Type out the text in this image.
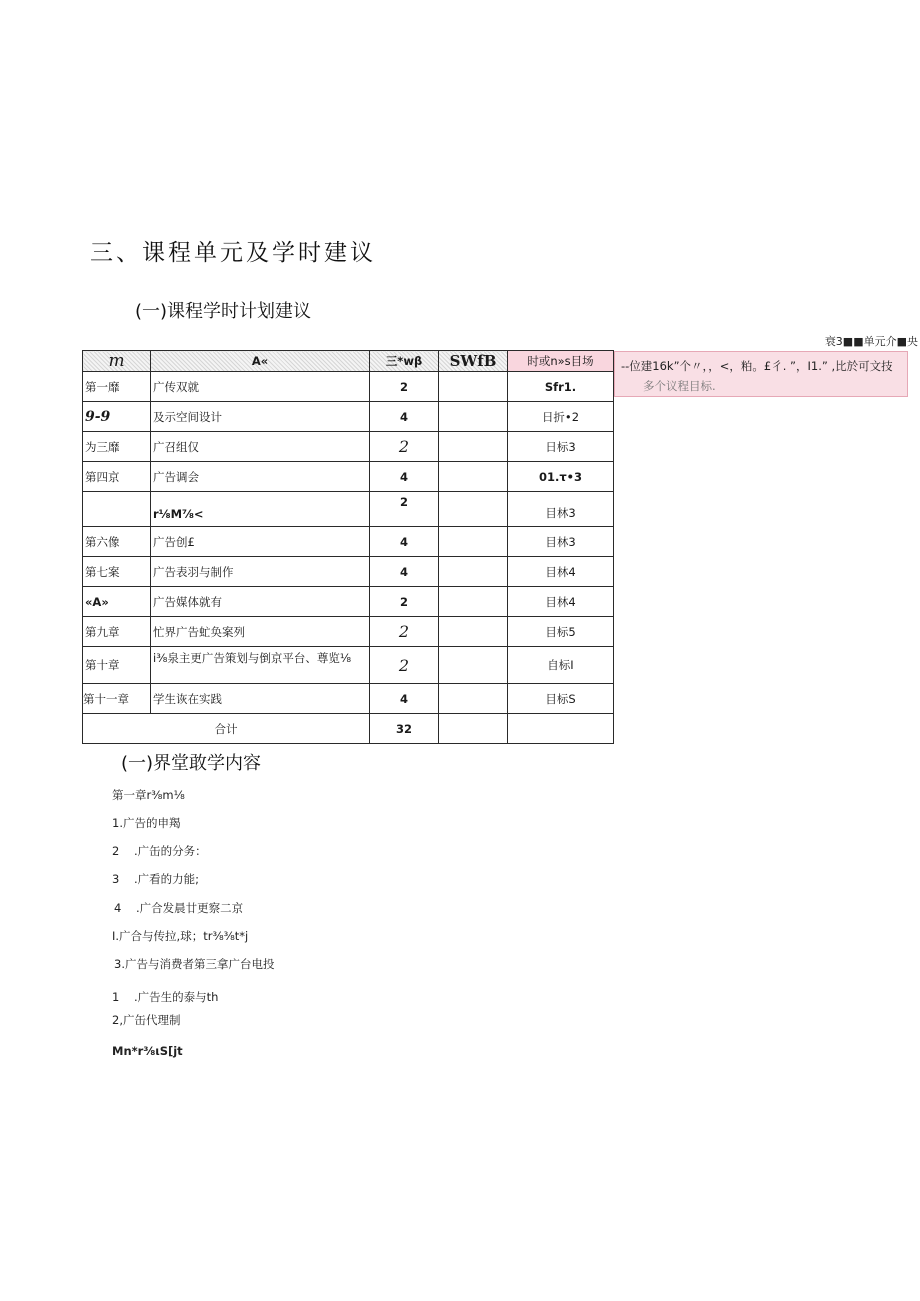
三、课程单元及学时建议
(一)课程学时计划建议
衰3■■单元介■央
m	A«	三*wβ	SWfB	时或n»s目场
第一靡	广传双就	2		Sfr1.
9-9	及示空间设计	4		日折•2
为三靡	广召组仅	2		日标3
第四京	广告调会	4		01.τ•3
	r⅛M⅞<	2		目林3
第六像	广告创£	4		目林3
第七案	广告表羽与制作	4		目林4
«A»	广告媒体就有	2		目林4
第九章	忙界广告虻奂案列	2		目标5
第十章	i⅜泉主更广告策划与倒京平台、尊览⅛	2		自标I
第十一章	学生诙在实践	4		目标S
合计		32		
--位建16k”个〃，，<，粕。£彳. ”，I1.” ,比於可文技
多个议程目标.
(一)界堂敢学内容
第一章r⅜m⅛
1.广告的申羯
2    .广缶的分务：
3    .广看的力能;
4    .广合发晨廿更察二京
I.广合与传拉,球；tr⅜⅜t*j
3.广告与消费者第三拿广台电投
1    .广告生的泰与th
2,广缶代理制
Mn*r⅜ιS[jt
